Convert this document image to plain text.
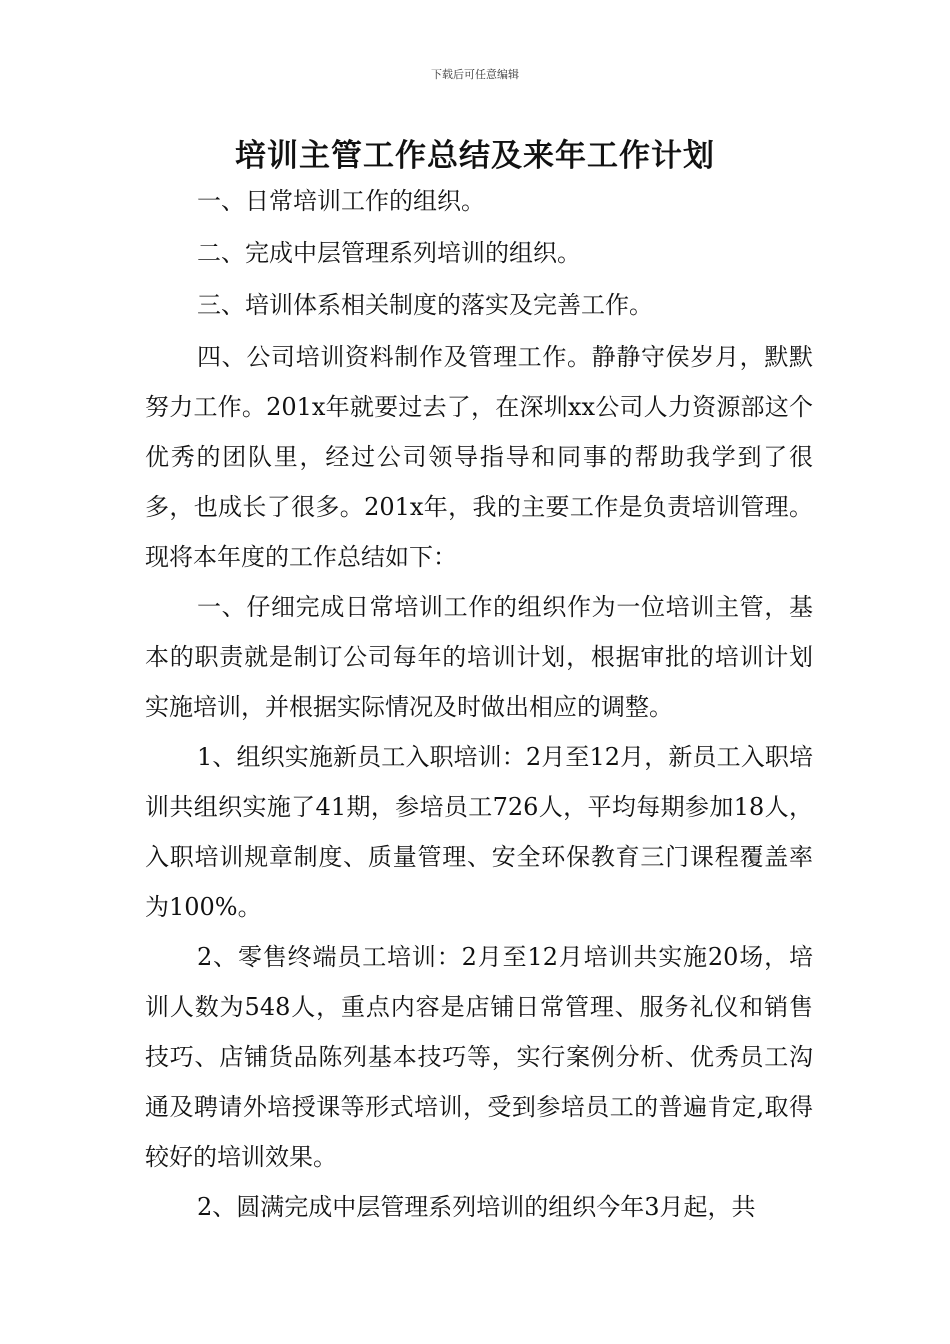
下载后可任意编辑
培训主管工作总结及来年工作计划

一、日常培训工作的组织。

二、完成中层管理系列培训的组织。

三、培训体系相关制度的落实及完善工作。

四、公司培训资料制作及管理工作。静静守侯岁月，默默努力工作。201x年就要过去了，在深圳xx公司人力资源部这个优秀的团队里，经过公司领导指导和同事的帮助我学到了很多，也成长了很多。201x年，我的主要工作是负责培训管理。现将本年度的工作总结如下：

一、仔细完成日常培训工作的组织作为一位培训主管，基本的职责就是制订公司每年的培训计划，根据审批的培训计划实施培训，并根据实际情况及时做出相应的调整。

1、组织实施新员工入职培训：2月至12月，新员工入职培训共组织实施了41期，参培员工726人，平均每期参加18人，入职培训规章制度、质量管理、安全环保教育三门课程覆盖率为100%。

2、零售终端员工培训：2月至12月培训共实施20场，培训人数为548人，重点内容是店铺日常管理、服务礼仪和销售技巧、店铺货品陈列基本技巧等，实行案例分析、优秀员工沟通及聘请外培授课等形式培训，受到参培员工的普遍肯定,取得较好的培训效果。

2、圆满完成中层管理系列培训的组织今年3月起，共
